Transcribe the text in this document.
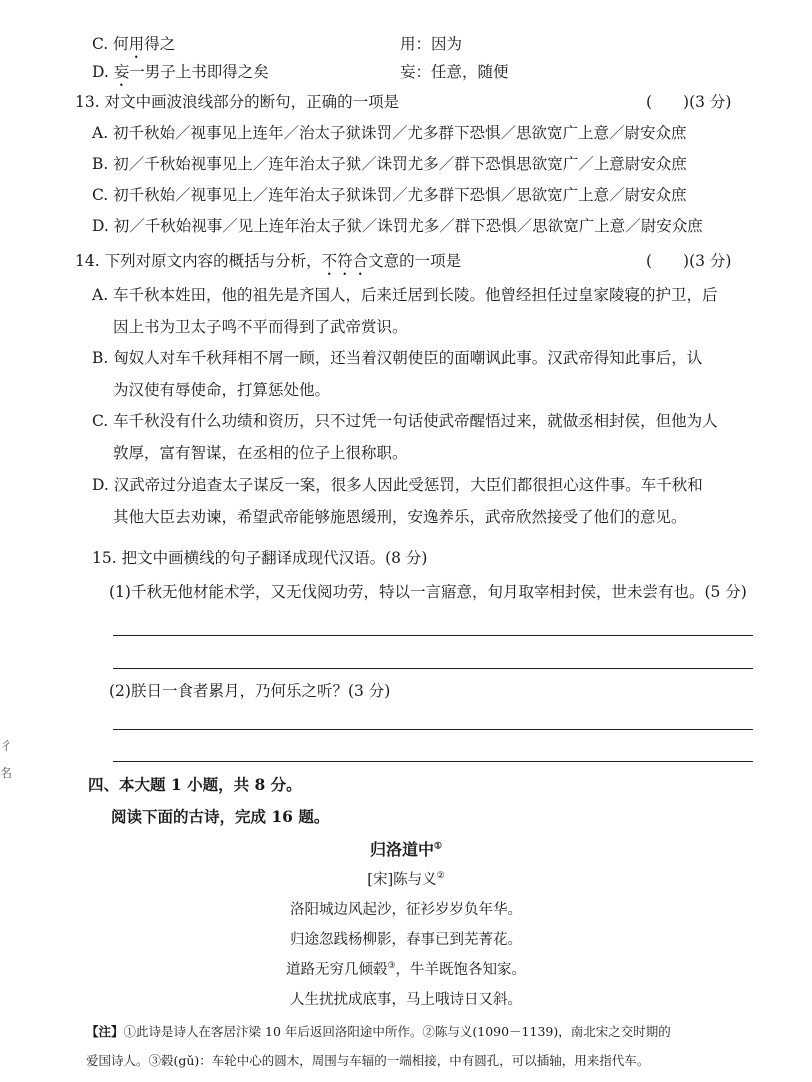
C. 何用得之	用：因为
D. 妄一男子上书即得之矣	妄：任意，随便
13. 对文中画波浪线部分的断句，正确的一项是	(　　)(3 分)
A. 初千秋始／视事见上连年／治太子狱诛罚／尤多群下恐惧／思欲宽广上意／尉安众庶
B. 初／千秋始视事见上／连年治太子狱／诛罚尤多／群下恐惧思欲宽广／上意尉安众庶
C. 初千秋始／视事见上／连年治太子狱诛罚／尤多群下恐惧／思欲宽广上意／尉安众庶
D. 初／千秋始视事／见上连年治太子狱／诛罚尤多／群下恐惧／思欲宽广上意／尉安众庶
14. 下列对原文内容的概括与分析，不符合文意的一项是	(　　)(3 分)
A. 车千秋本姓田，他的祖先是齐国人，后来迁居到长陵。他曾经担任过皇家陵寝的护卫，后
因上书为卫太子鸣不平而得到了武帝赏识。
B. 匈奴人对车千秋拜相不屑一顾，还当着汉朝使臣的面嘲讽此事。汉武帝得知此事后，认
为汉使有辱使命，打算惩处他。
C. 车千秋没有什么功绩和资历，只不过凭一句话使武帝醒悟过来，就做丞相封侯，但他为人
敦厚，富有智谋，在丞相的位子上很称职。
D. 汉武帝过分追查太子谋反一案，很多人因此受惩罚，大臣们都很担心这件事。车千秋和
其他大臣去劝谏，希望武帝能够施恩缓刑，安逸养乐，武帝欣然接受了他们的意见。
15. 把文中画横线的句子翻译成现代汉语。(8 分)
(1)千秋无他材能术学，又无伐阅功劳，特以一言寤意，旬月取宰相封侯，世未尝有也。(5 分)
(2)朕日一食者累月，乃何乐之听？(3 分)
彳
名
四、本大题 1 小题，共 8 分。
阅读下面的古诗，完成 16 题。
归洛道中①
[宋]陈与义②
洛阳城边风起沙，征衫岁岁负年华。
归途忽践杨柳影，春事已到芜菁花。
道路无穷几倾毂③，牛羊既饱各知家。
人生扰扰成底事，马上哦诗日又斜。
【注】①此诗是诗人在客居汴梁 10 年后返回洛阳途中所作。②陈与义(1090－1139)，南北宋之交时期的
爱国诗人。③毂(gǔ)：车轮中心的圆木，周围与车辐的一端相接，中有圆孔，可以插轴，用来指代车。
